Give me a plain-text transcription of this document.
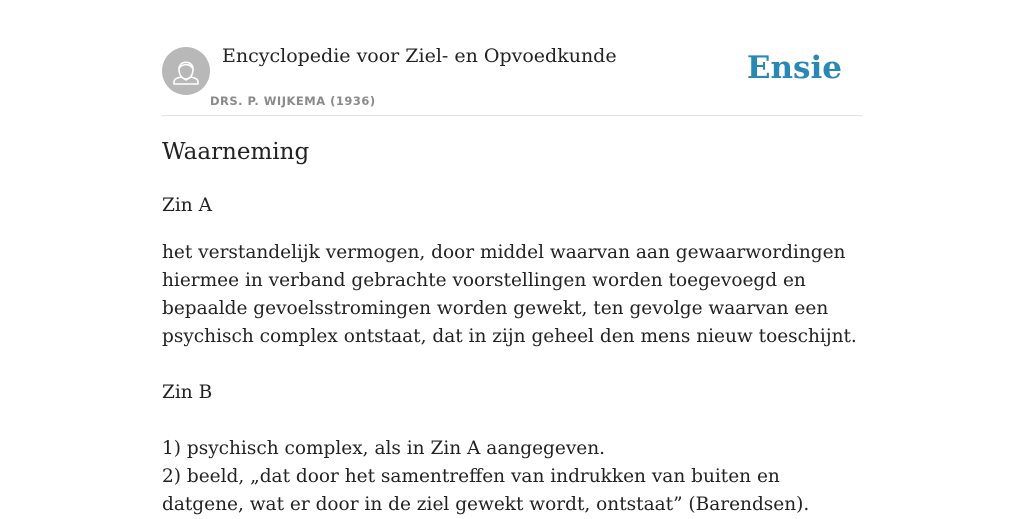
Encyclopedie voor Ziel- en Opvoedkunde
DRS. P. WIJKEMA (1936)
Ensie
Waarneming

Zin A

het verstandelijk vermogen, door middel waarvan aan gewaarwordingen hiermee in verband gebrachte voorstellingen worden toegevoegd en bepaalde gevoelsstromingen worden gewekt, ten gevolge waarvan een psychisch complex ontstaat, dat in zijn geheel den mens nieuw toeschijnt.

Zin B

1) psychisch complex, als in Zin A aangegeven.

2) beeld, „dat door het samentreffen van indrukken van buiten en datgene, wat er door in de ziel gewekt wordt, ontstaat” (Barendsen).
